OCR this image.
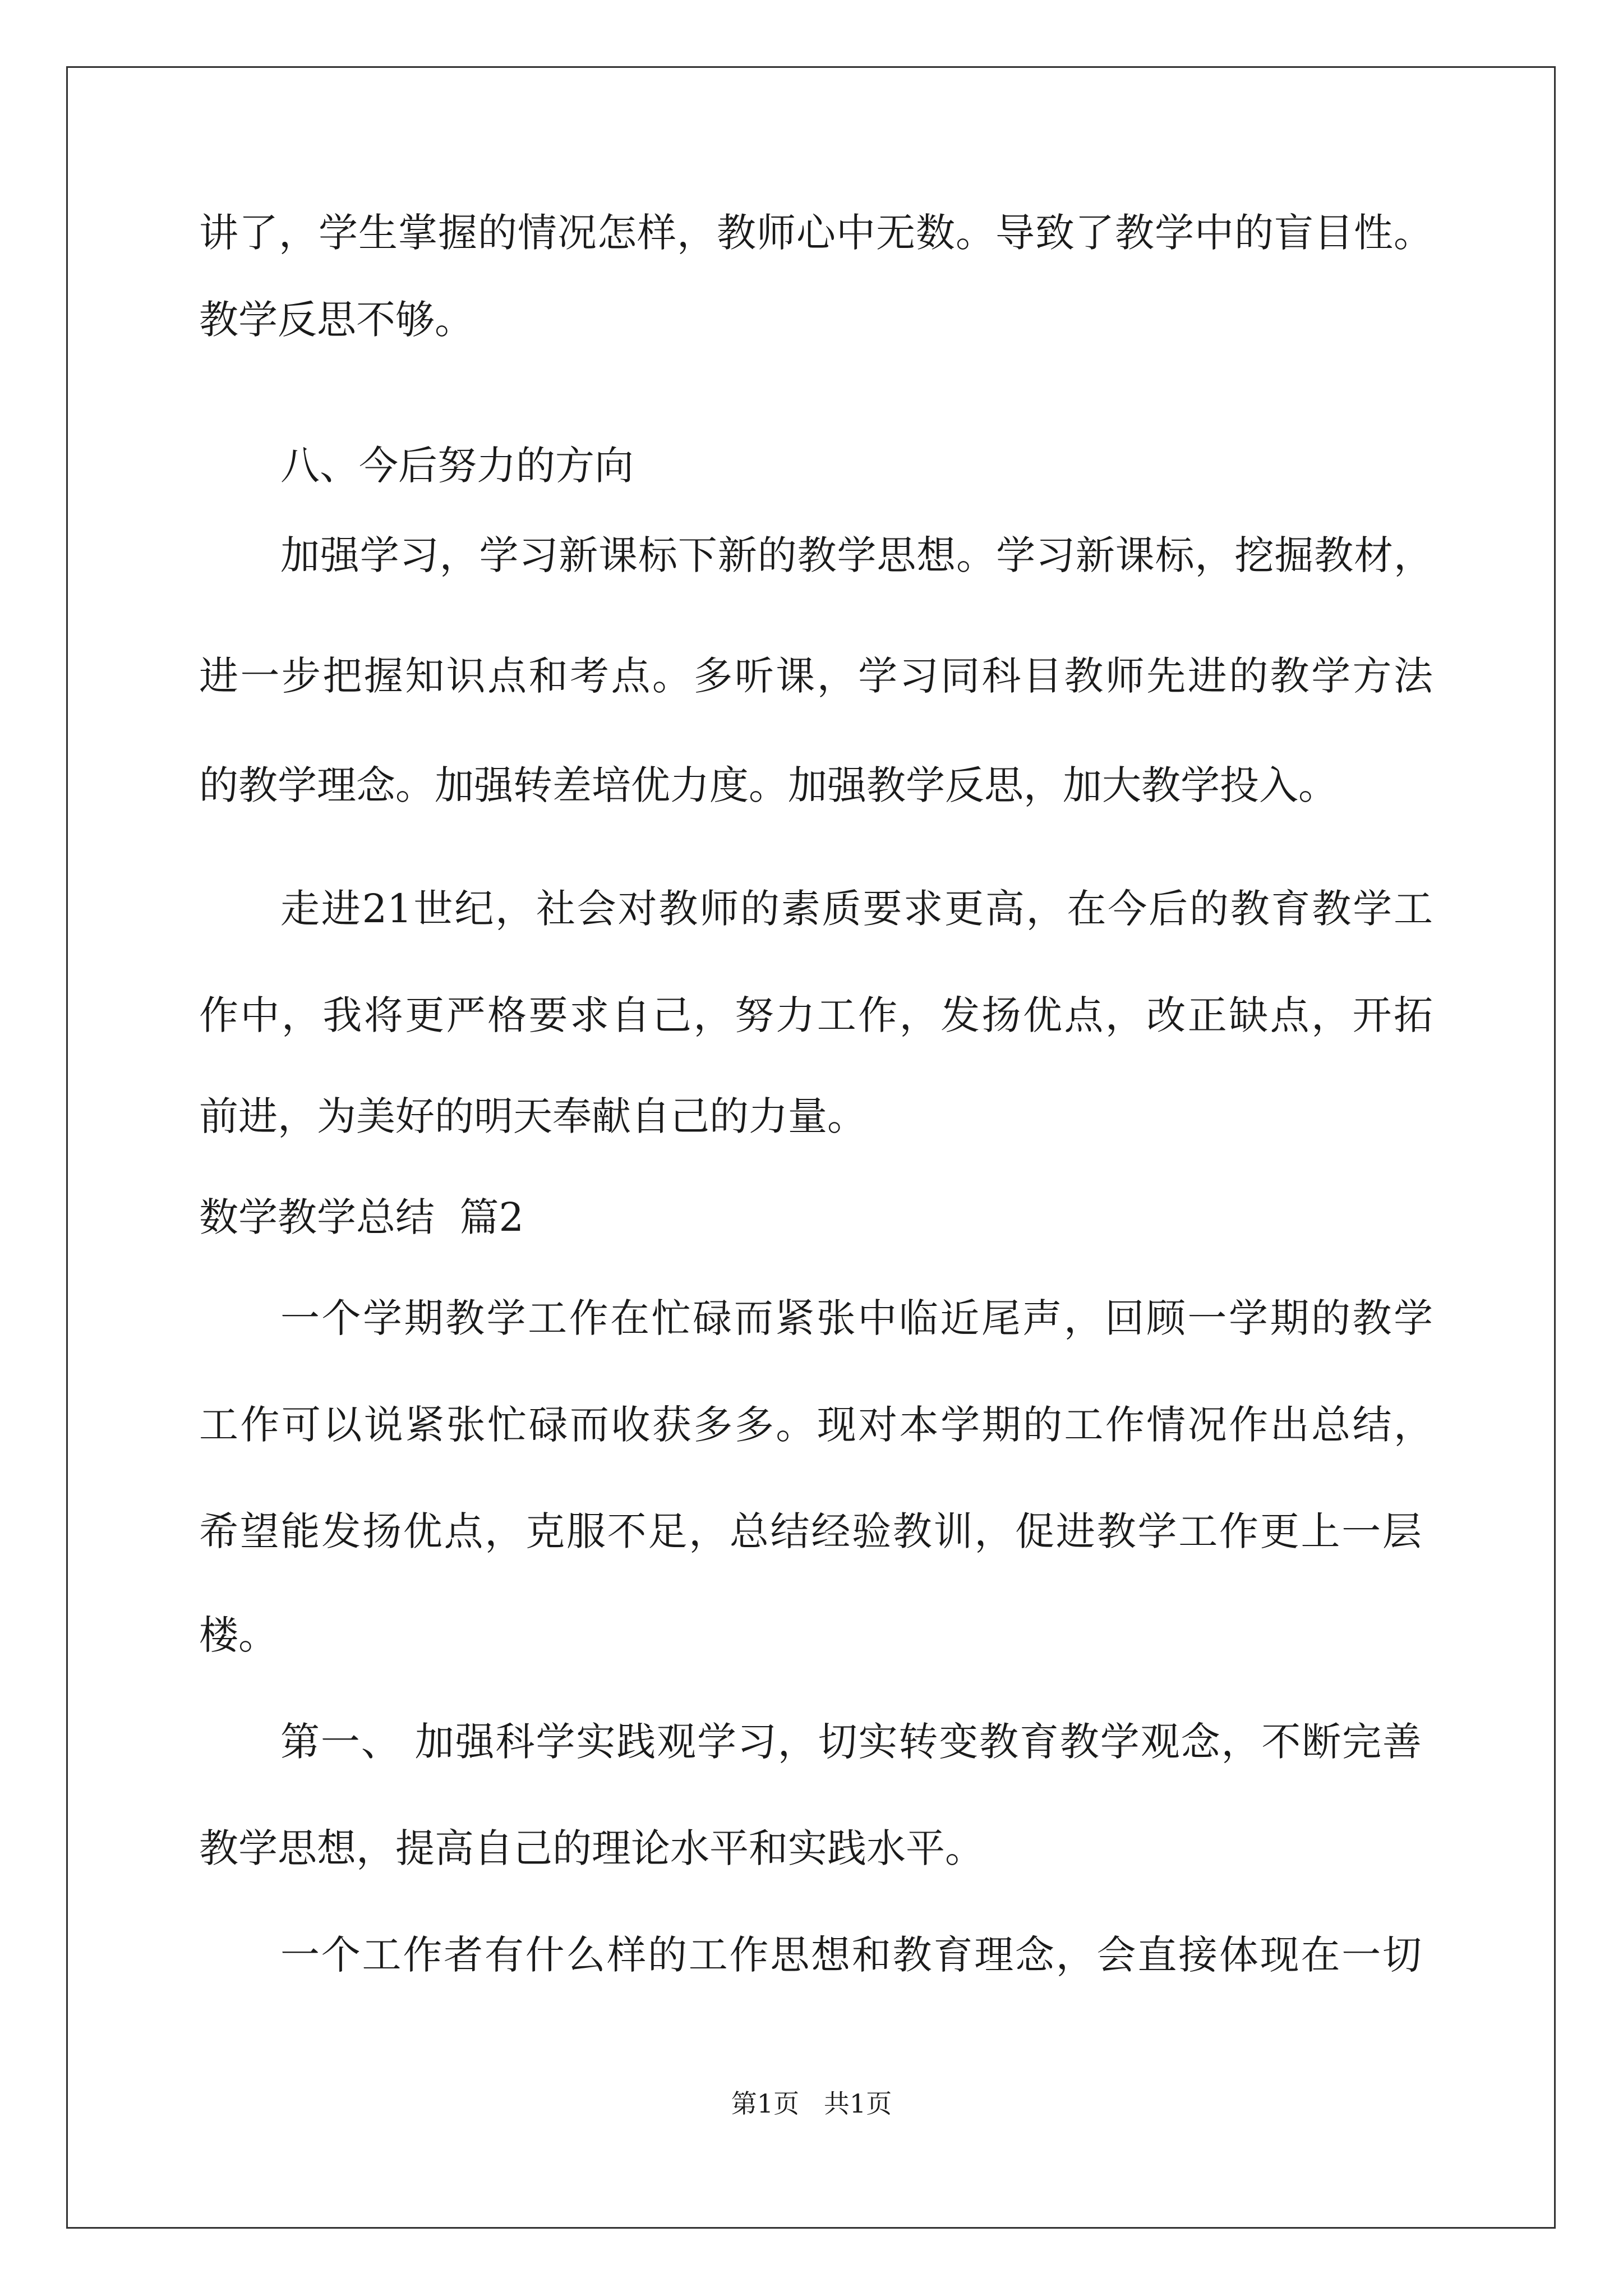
讲了，学生掌握的情况怎样，教师心中无数。导致了教学中的盲目性。
教学反思不够。
八、今后努力的方向
加强学习，学习新课标下新的教学思想。学习新课标，挖掘教材，
进一步把握知识点和考点。多听课，学习同科目教师先进的教学方法
的教学理念。加强转差培优力度。加强教学反思，加大教学投入。
走进21世纪，社会对教师的素质要求更高，在今后的教育教学工
作中，我将更严格要求自己，努力工作，发扬优点，改正缺点，开拓
前进，为美好的明天奉献自己的力量。
数学教学总结  篇2
一个学期教学工作在忙碌而紧张中临近尾声，回顾一学期的教学
工作可以说紧张忙碌而收获多多。现对本学期的工作情况作出总结，
希望能发扬优点，克服不足，总结经验教训，促进教学工作更上一层
楼。
第一、 加强科学实践观学习，切实转变教育教学观念，不断完善
教学思想，提高自己的理论水平和实践水平。
一个工作者有什么样的工作思想和教育理念，会直接体现在一切
第1页   共1页
